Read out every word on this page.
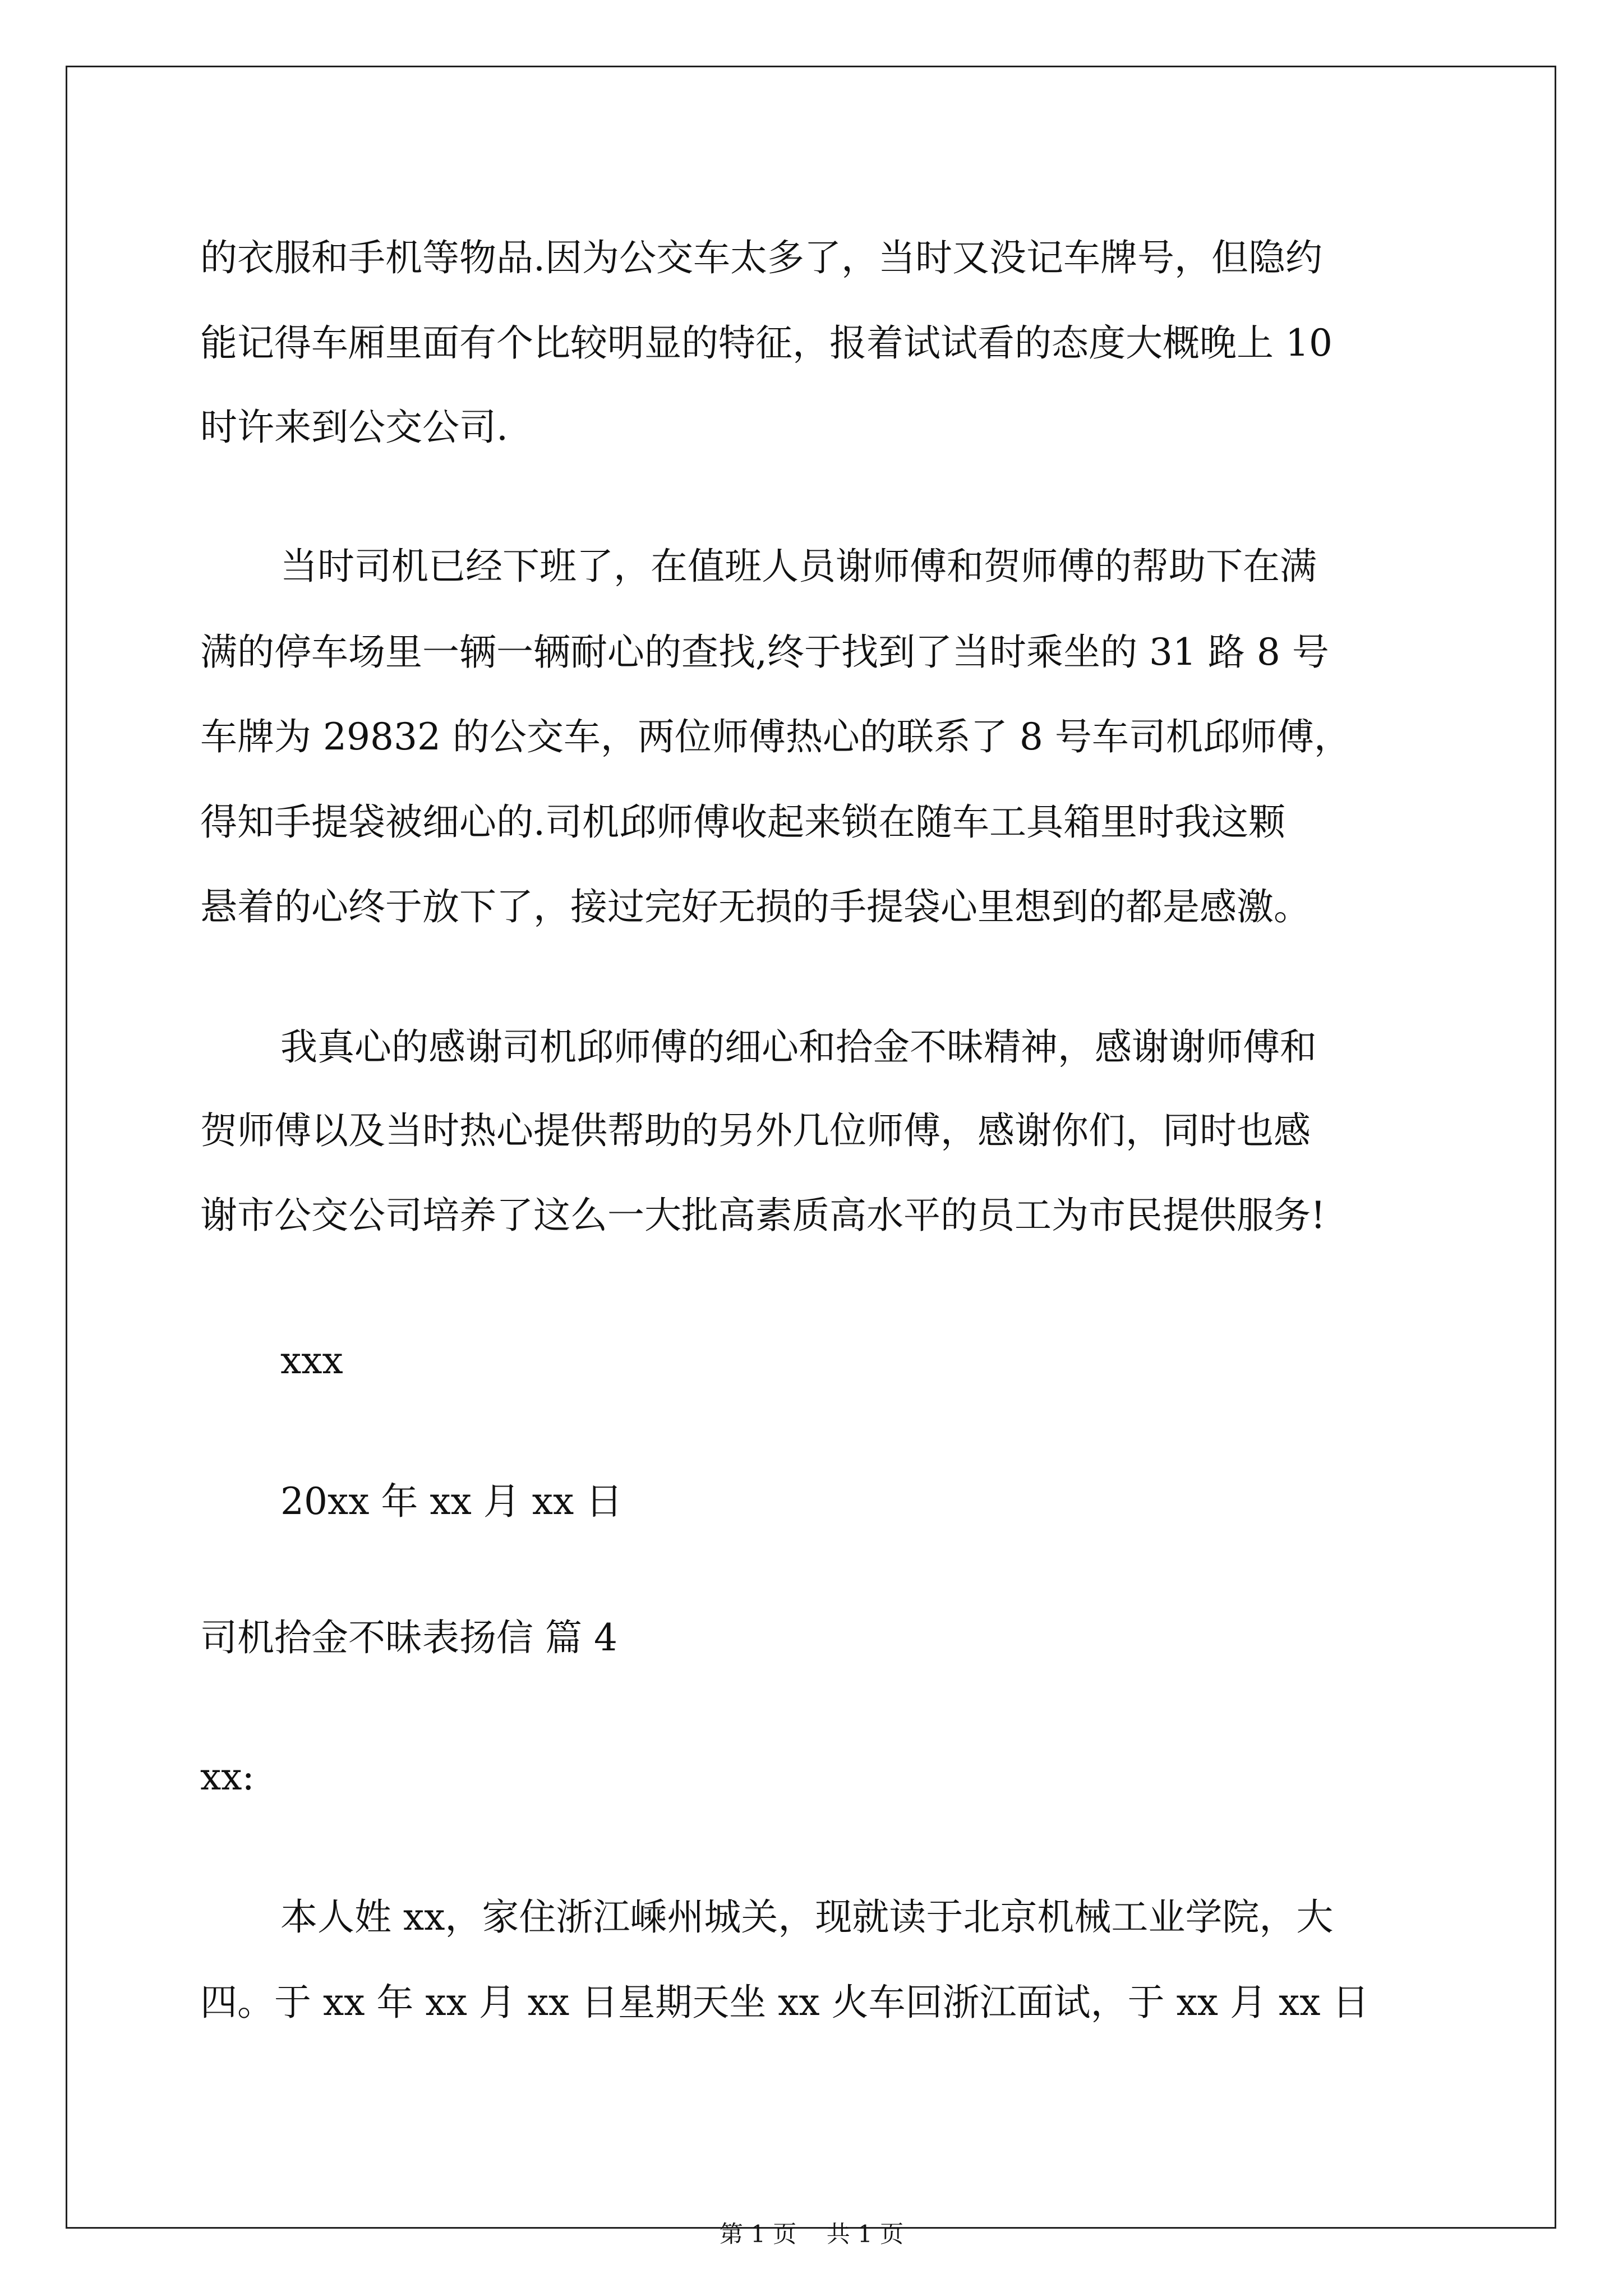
的衣服和手机等物品.因为公交车太多了，当时又没记车牌号，但隐约
能记得车厢里面有个比较明显的特征，报着试试看的态度大概晚上 10
时许来到公交公司.
当时司机已经下班了，在值班人员谢师傅和贺师傅的帮助下在满
满的停车场里一辆一辆耐心的查找,终于找到了当时乘坐的 31 路 8 号
车牌为 29832 的公交车，两位师傅热心的联系了 8 号车司机邱师傅，
得知手提袋被细心的.司机邱师傅收起来锁在随车工具箱里时我这颗
悬着的心终于放下了，接过完好无损的手提袋心里想到的都是感激。
我真心的感谢司机邱师傅的细心和拾金不昧精神，感谢谢师傅和
贺师傅以及当时热心提供帮助的另外几位师傅，感谢你们，同时也感
谢市公交公司培养了这么一大批高素质高水平的员工为市民提供服务!
xxx
20xx 年 xx 月 xx 日
司机拾金不昧表扬信 篇 4
xx:
本人姓 xx，家住浙江嵊州城关，现就读于北京机械工业学院，大
四。于 xx 年 xx 月 xx 日星期天坐 xx 火车回浙江面试，于 xx 月 xx 日
第 1 页    共 1 页
